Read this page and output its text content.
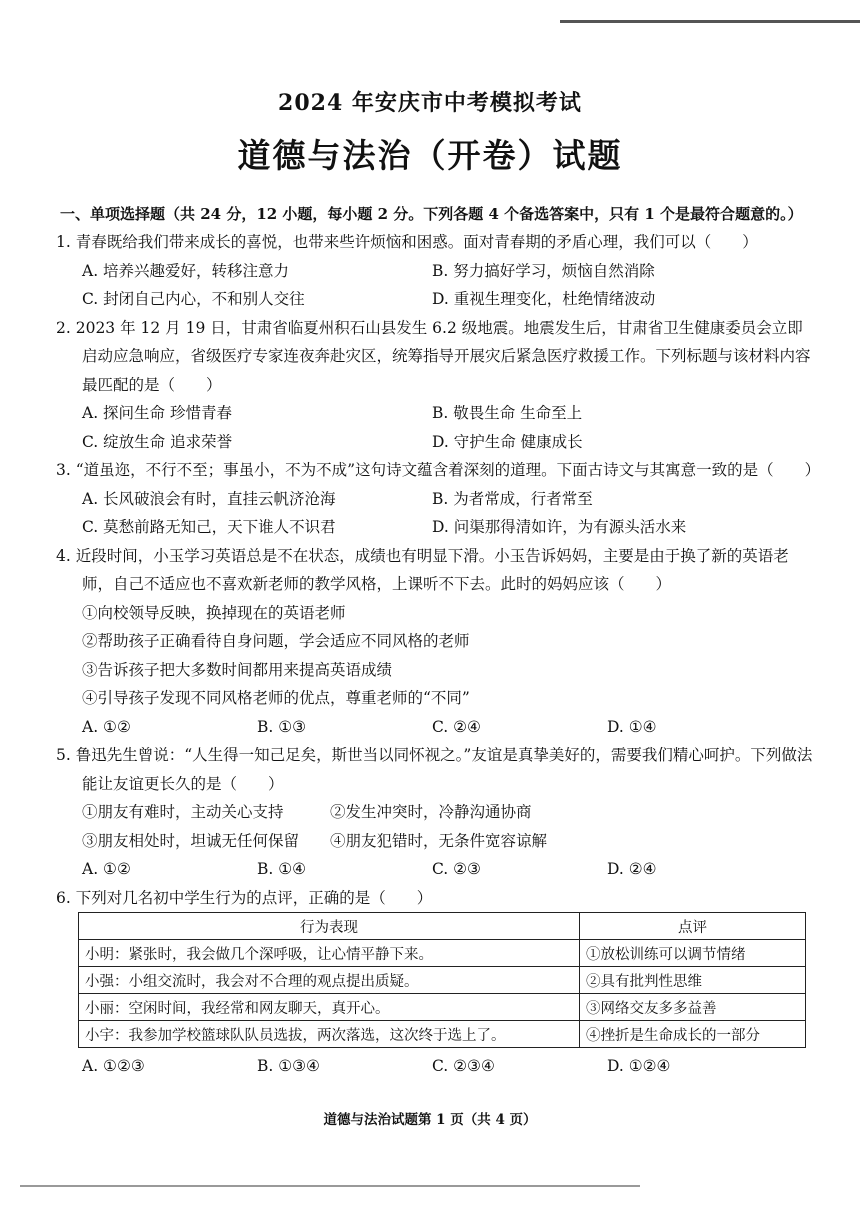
2024 年安庆市中考模拟考试
道德与法治（开卷）试题
一、单项选择题（共 24 分，12 小题，每小题 2 分。下列各题 4 个备选答案中，只有 1 个是最符合题意的。）
1. 青春既给我们带来成长的喜悦，也带来些许烦恼和困惑。面对青春期的矛盾心理，我们可以（　　）
A. 培养兴趣爱好，转移注意力	B. 努力搞好学习，烦恼自然消除
C. 封闭自己内心，不和别人交往	D. 重视生理变化，杜绝情绪波动
2. 2023 年 12 月 19 日，甘肃省临夏州积石山县发生 6.2 级地震。地震发生后，甘肃省卫生健康委员会立即启动应急响应，省级医疗专家连夜奔赴灾区，统筹指导开展灾后紧急医疗救援工作。下列标题与该材料内容最匹配的是（　　）
A. 探问生命 珍惜青春	B. 敬畏生命 生命至上
C. 绽放生命 追求荣誉	D. 守护生命 健康成长
3. “道虽迩，不行不至；事虽小，不为不成”这句诗文蕴含着深刻的道理。下面古诗文与其寓意一致的是（　　）
A. 长风破浪会有时，直挂云帆济沧海	B. 为者常成，行者常至
C. 莫愁前路无知己，天下谁人不识君	D. 问渠那得清如许，为有源头活水来
4. 近段时间，小玉学习英语总是不在状态，成绩也有明显下滑。小玉告诉妈妈，主要是由于换了新的英语老师，自己不适应也不喜欢新老师的教学风格，上课听不下去。此时的妈妈应该（　　）
①向校领导反映，换掉现在的英语老师
②帮助孩子正确看待自身问题，学会适应不同风格的老师
③告诉孩子把大多数时间都用来提高英语成绩
④引导孩子发现不同风格老师的优点，尊重老师的“不同”
A. ①②	B. ①③	C. ②④	D. ①④
5. 鲁迅先生曾说：“人生得一知己足矣，斯世当以同怀视之。”友谊是真挚美好的，需要我们精心呵护。下列做法能让友谊更长久的是（　　）
①朋友有难时，主动关心支持	②发生冲突时，冷静沟通协商
③朋友相处时，坦诚无任何保留	④朋友犯错时，无条件宽容谅解
A. ①②	B. ①④	C. ②③	D. ②④
6. 下列对几名初中学生行为的点评，正确的是（　　）
行为表现	点评
小明：紧张时，我会做几个深呼吸，让心情平静下来。	①放松训练可以调节情绪
小强：小组交流时，我会对不合理的观点提出质疑。	②具有批判性思维
小丽：空闲时间，我经常和网友聊天，真开心。	③网络交友多多益善
小宇：我参加学校篮球队队员选拔，两次落选，这次终于选上了。	④挫折是生命成长的一部分
A. ①②③	B. ①③④	C. ②③④	D. ①②④
道德与法治试题第 1 页（共 4 页）
